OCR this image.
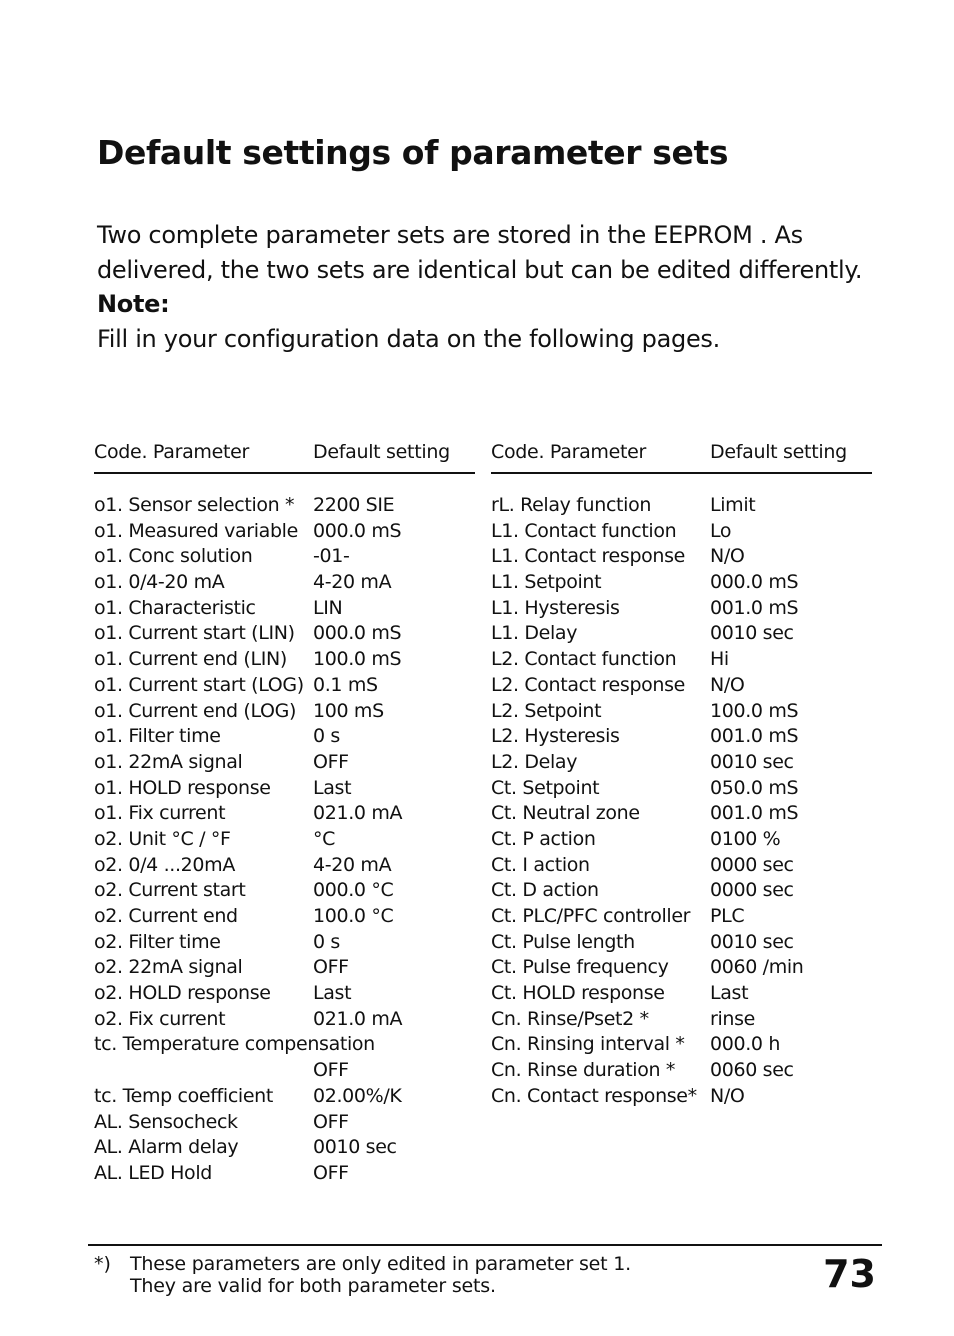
Default settings of parameter sets

Two complete parameter sets are stored in the EEPROM . As

delivered, the two sets are identical but can be edited differently.

Note:

Fill in your configuration data on the following pages.

Code. Parameter	Default setting
o1. Sensor selection * 2200 SIE
o1. Measured variable 000.0 mS
o1. Conc solution	-01-
o1. 0/4-20 mA	4-20 mA
o1. Characteristic	LIN
o1. Current start (LIN) 000.0 mS
o1. Current end (LIN) 100.0 mS
o1. Current start (LOG) 0.1 mS
o1. Current end (LOG) 100 mS
o1. Filter time	0 s
o1. 22mA signal	OFF
o1. HOLD response Last
o1. Fix current	021.0 mA
o2. Unit °C / °F	°C
o2. 0/4 ...20mA	4-20 mA
o2. Current start	000.0 °C
o2. Current end	100.0 °C
o2. Filter time	0 s
o2. 22mA signal	OFF
o2. HOLD response Last
o2. Fix current	021.0 mA
tc. Temperature compensation
OFF
tc. Temp coefficient 02.00%/K
AL. Sensocheck	OFF
AL. Alarm delay	0010 sec
AL. LED Hold	OFF
Code. Parameter	Default setting
rL. Relay function	Limit
L1. Contact function Lo
L1. Contact response N/O
L1. Setpoint	000.0 mS
L1. Hysteresis	001.0 mS
L1. Delay	0010 sec
L2. Contact function Hi
L2. Contact response N/O
L2. Setpoint	100.0 mS
L2. Hysteresis	001.0 mS
L2. Delay	0010 sec
Ct. Setpoint	050.0 mS
Ct. Neutral zone	001.0 mS
Ct. P action	0100 %
Ct. I action	0000 sec
Ct. D action	0000 sec
Ct. PLC/PFC controller PLC
Ct. Pulse length	0010 sec
Ct. Pulse frequency 0060 /min
Ct. HOLD response Last
Cn. Rinse/Pset2 *	rinse
Cn. Rinsing interval * 000.0 h
Cn. Rinse duration * 0060 sec
Cn. Contact response* N/O
*) These parameters are only edited in parameter set 1.
They are valid for both parameter sets.	73
